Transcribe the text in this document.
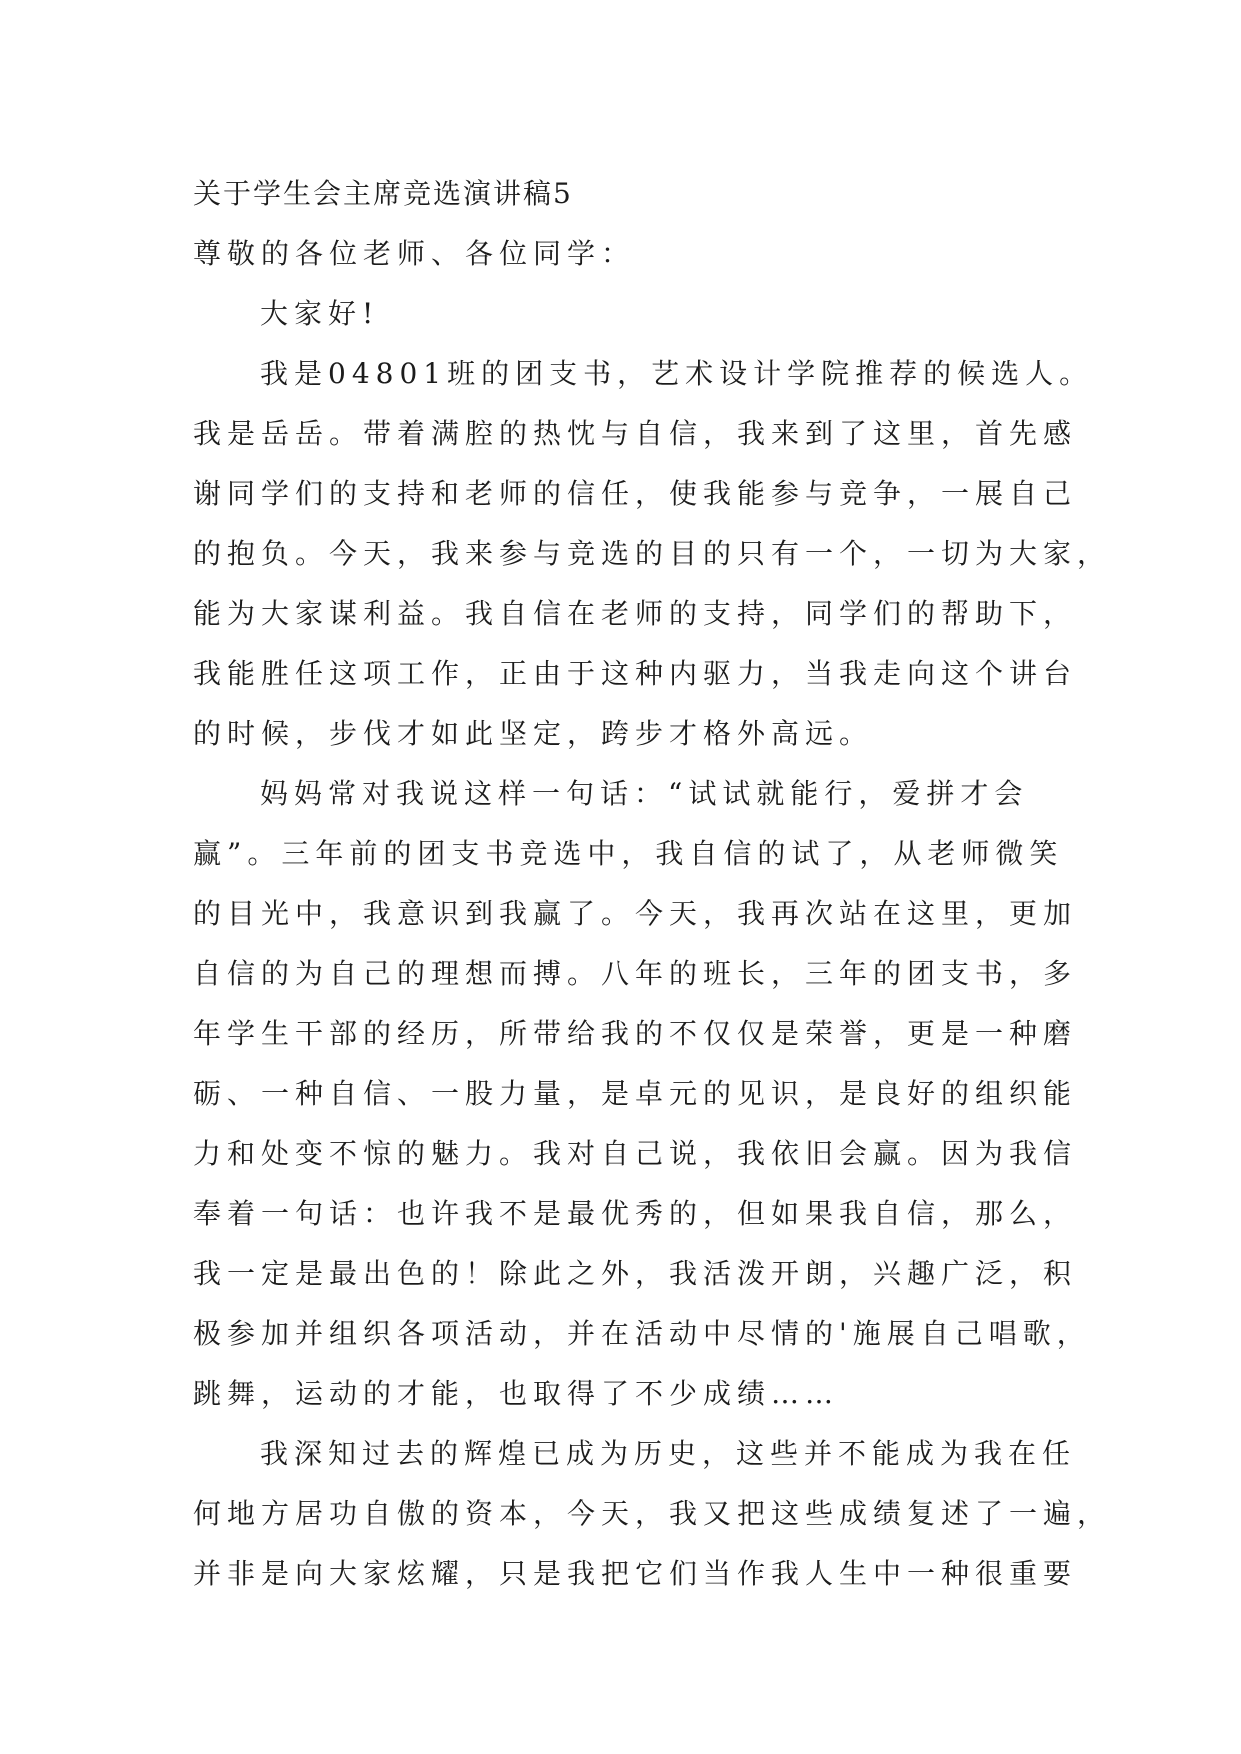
关于学生会主席竞选演讲稿5
尊敬的各位老师、各位同学：
大家好!
我是04801班的团支书，艺术设计学院推荐的候选人。
我是岳岳。带着满腔的热忱与自信，我来到了这里，首先感
谢同学们的支持和老师的信任，使我能参与竞争，一展自己
的抱负。今天，我来参与竞选的目的只有一个，一切为大家，
能为大家谋利益。我自信在老师的支持，同学们的帮助下，
我能胜任这项工作，正由于这种内驱力，当我走向这个讲台
的时候，步伐才如此坚定，跨步才格外高远。
妈妈常对我说这样一句话：“试试就能行，爱拼才会
赢”。三年前的团支书竞选中，我自信的试了，从老师微笑
的目光中，我意识到我赢了。今天，我再次站在这里，更加
自信的为自己的理想而搏。八年的班长，三年的团支书，多
年学生干部的经历，所带给我的不仅仅是荣誉，更是一种磨
砺、一种自信、一股力量，是卓元的见识，是良好的组织能
力和处变不惊的魅力。我对自己说，我依旧会赢。因为我信
奉着一句话：也许我不是最优秀的，但如果我自信，那么，
我一定是最出色的！除此之外，我活泼开朗，兴趣广泛，积
极参加并组织各项活动，并在活动中尽情的'施展自己唱歌，
跳舞，运动的才能，也取得了不少成绩……
我深知过去的辉煌已成为历史，这些并不能成为我在任
何地方居功自傲的资本，今天，我又把这些成绩复述了一遍，
并非是向大家炫耀，只是我把它们当作我人生中一种很重要
